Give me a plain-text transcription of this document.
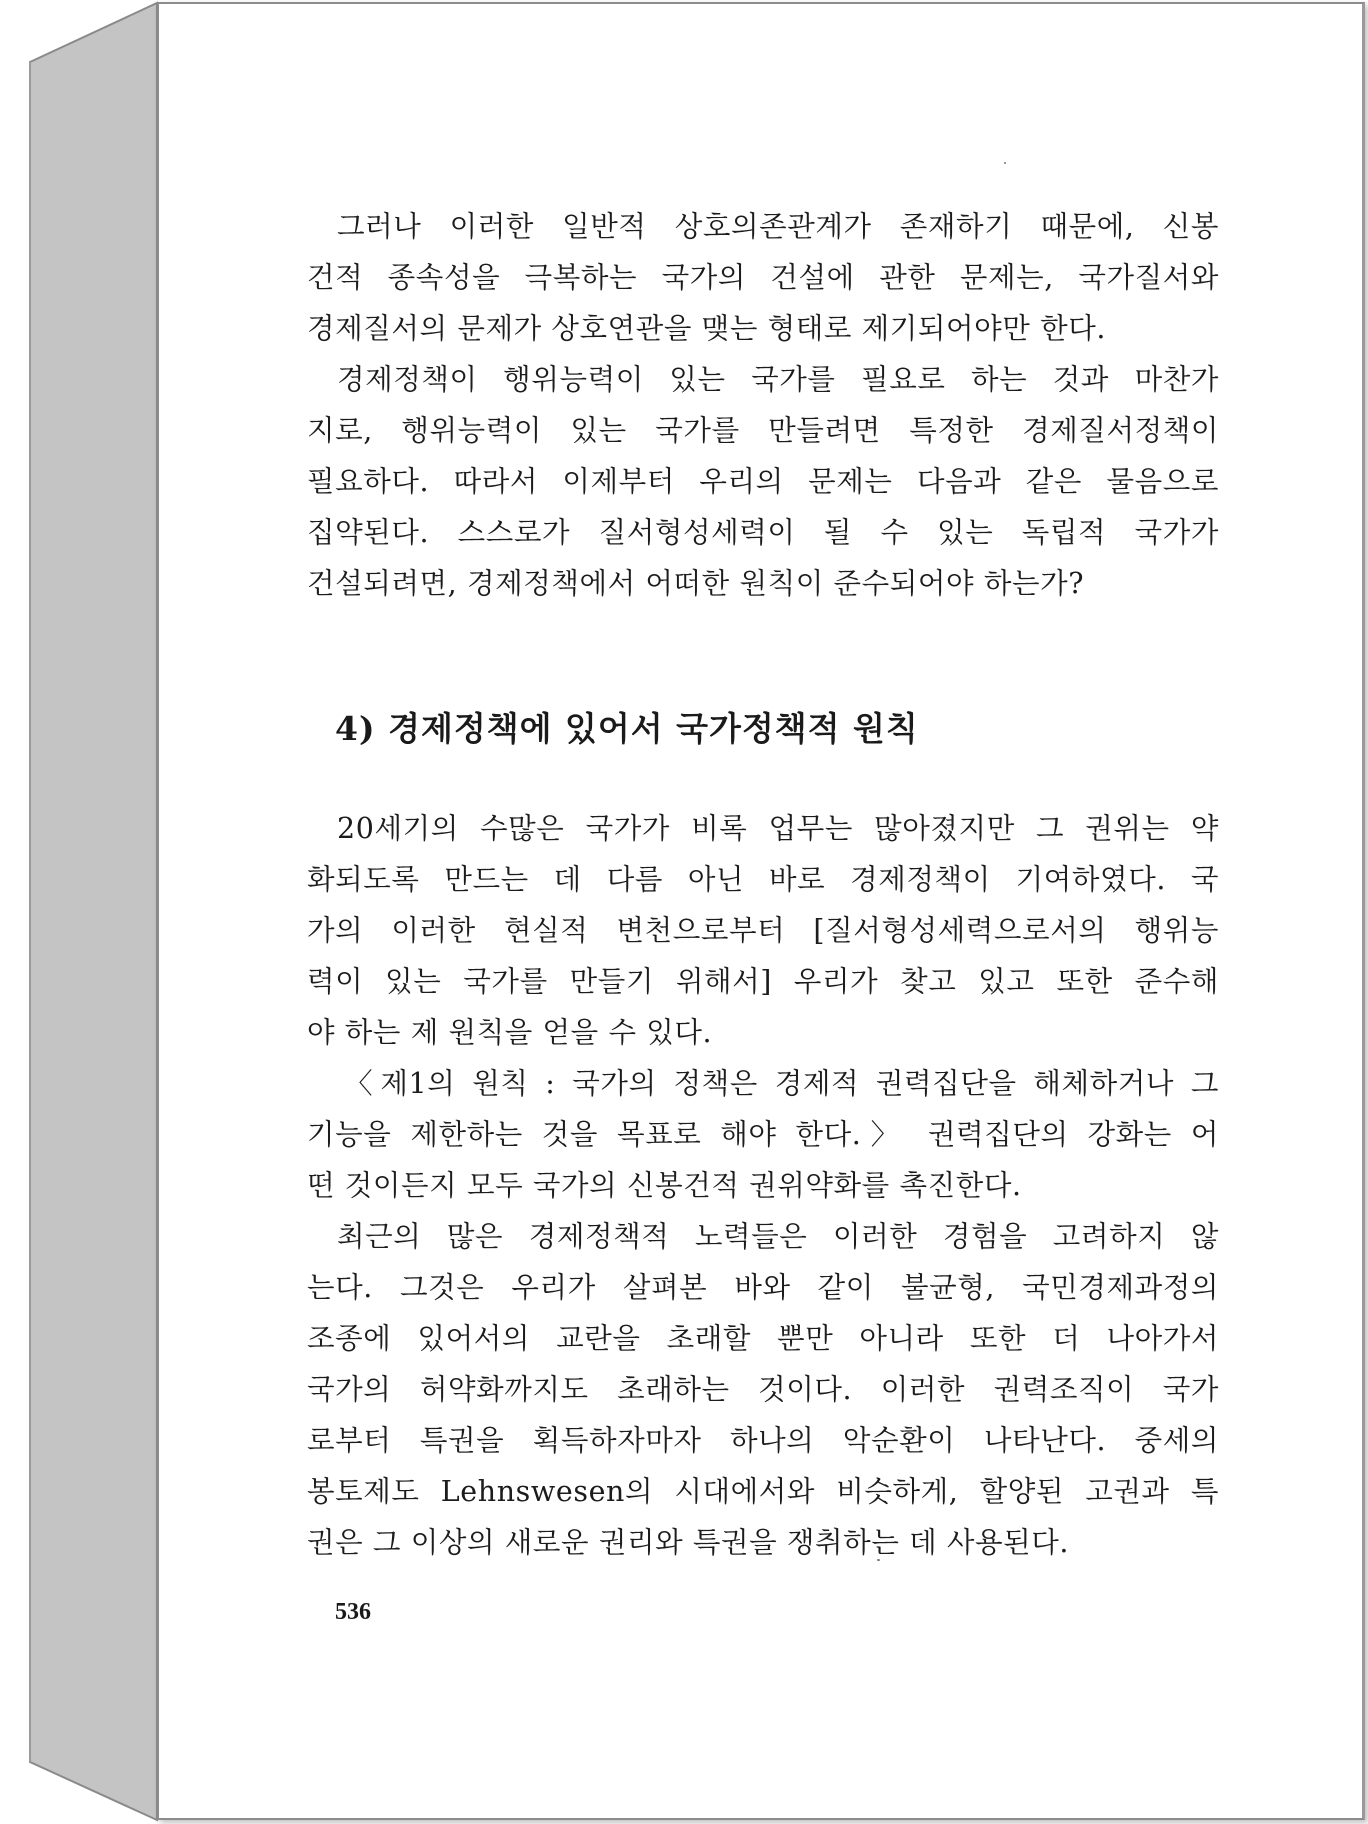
그러나 이러한 일반적 상호의존관계가 존재하기 때문에, 신봉
건적 종속성을 극복하는 국가의 건설에 관한 문제는, 국가질서와
경제질서의 문제가 상호연관을 맺는 형태로 제기되어야만 한다.
경제정책이 행위능력이 있는 국가를 필요로 하는 것과 마찬가
지로, 행위능력이 있는 국가를 만들려면 특정한 경제질서정책이
필요하다. 따라서 이제부터 우리의 문제는 다음과 같은 물음으로
집약된다. 스스로가 질서형성세력이 될 수 있는 독립적 국가가
건설되려면, 경제정책에서 어떠한 원칙이 준수되어야 하는가?
4) 경제정책에 있어서 국가정책적 원칙
20세기의 수많은 국가가 비록 업무는 많아졌지만 그 권위는 약
화되도록 만드는 데 다름 아닌 바로 경제정책이 기여하였다. 국
가의 이러한 현실적 변천으로부터 [질서형성세력으로서의 행위능
력이 있는 국가를 만들기 위해서] 우리가 찾고 있고 또한 준수해
야 하는 제 원칙을 얻을 수 있다.
〈제1의 원칙 : 국가의 정책은 경제적 권력집단을 해체하거나 그
기능을 제한하는 것을 목표로 해야 한다.〉 권력집단의 강화는 어
떤 것이든지 모두 국가의 신봉건적 권위약화를 촉진한다.
최근의 많은 경제정책적 노력들은 이러한 경험을 고려하지 않
는다. 그것은 우리가 살펴본 바와 같이 불균형, 국민경제과정의
조종에 있어서의 교란을 초래할 뿐만 아니라 또한 더 나아가서
국가의 허약화까지도 초래하는 것이다. 이러한 권력조직이 국가
로부터 특권을 획득하자마자 하나의 악순환이 나타난다. 중세의
봉토제도 Lehnswesen의 시대에서와 비슷하게, 할양된 고권과 특
권은 그 이상의 새로운 권리와 특권을 쟁취하는 데 사용된다.
536
